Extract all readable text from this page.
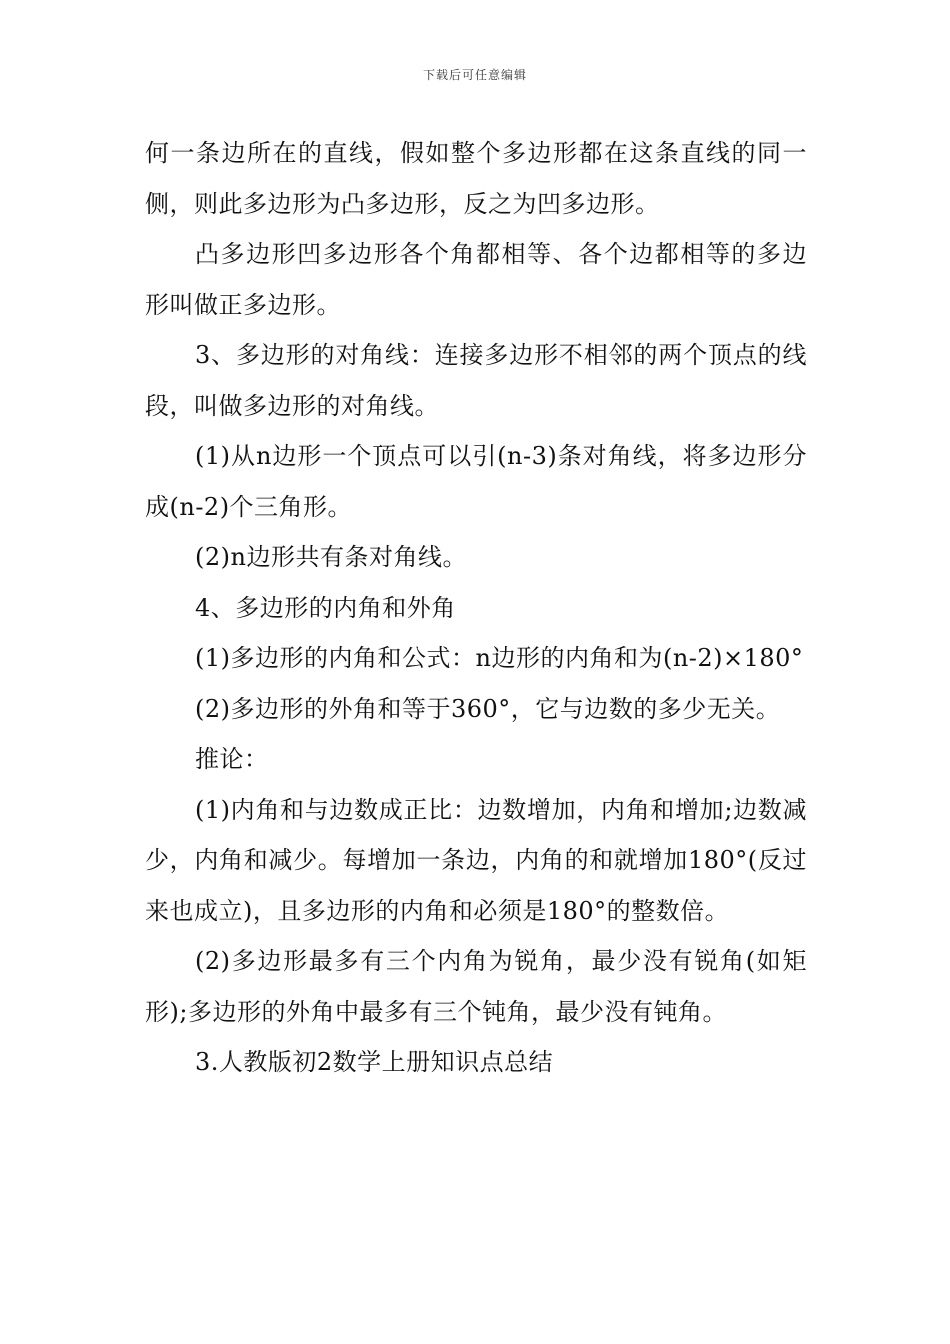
下载后可任意编辑

何一条边所在的直线，假如整个多边形都在这条直线的同一侧，则此多边形为凸多边形，反之为凹多边形。

凸多边形凹多边形各个角都相等、各个边都相等的多边形叫做正多边形。

3、多边形的对角线：连接多边形不相邻的两个顶点的线段，叫做多边形的对角线。

(1)从n边形一个顶点可以引(n-3)条对角线，将多边形分成(n-2)个三角形。

(2)n边形共有条对角线。

4、多边形的内角和外角

(1)多边形的内角和公式：n边形的内角和为(n-2)×180°

(2)多边形的外角和等于360°，它与边数的多少无关。

推论：

(1)内角和与边数成正比：边数增加，内角和增加;边数减少，内角和减少。每增加一条边，内角的和就增加180°(反过来也成立)，且多边形的内角和必须是180°的整数倍。

(2)多边形最多有三个内角为锐角，最少没有锐角(如矩形);多边形的外角中最多有三个钝角，最少没有钝角。

3.人教版初2数学上册知识点总结
